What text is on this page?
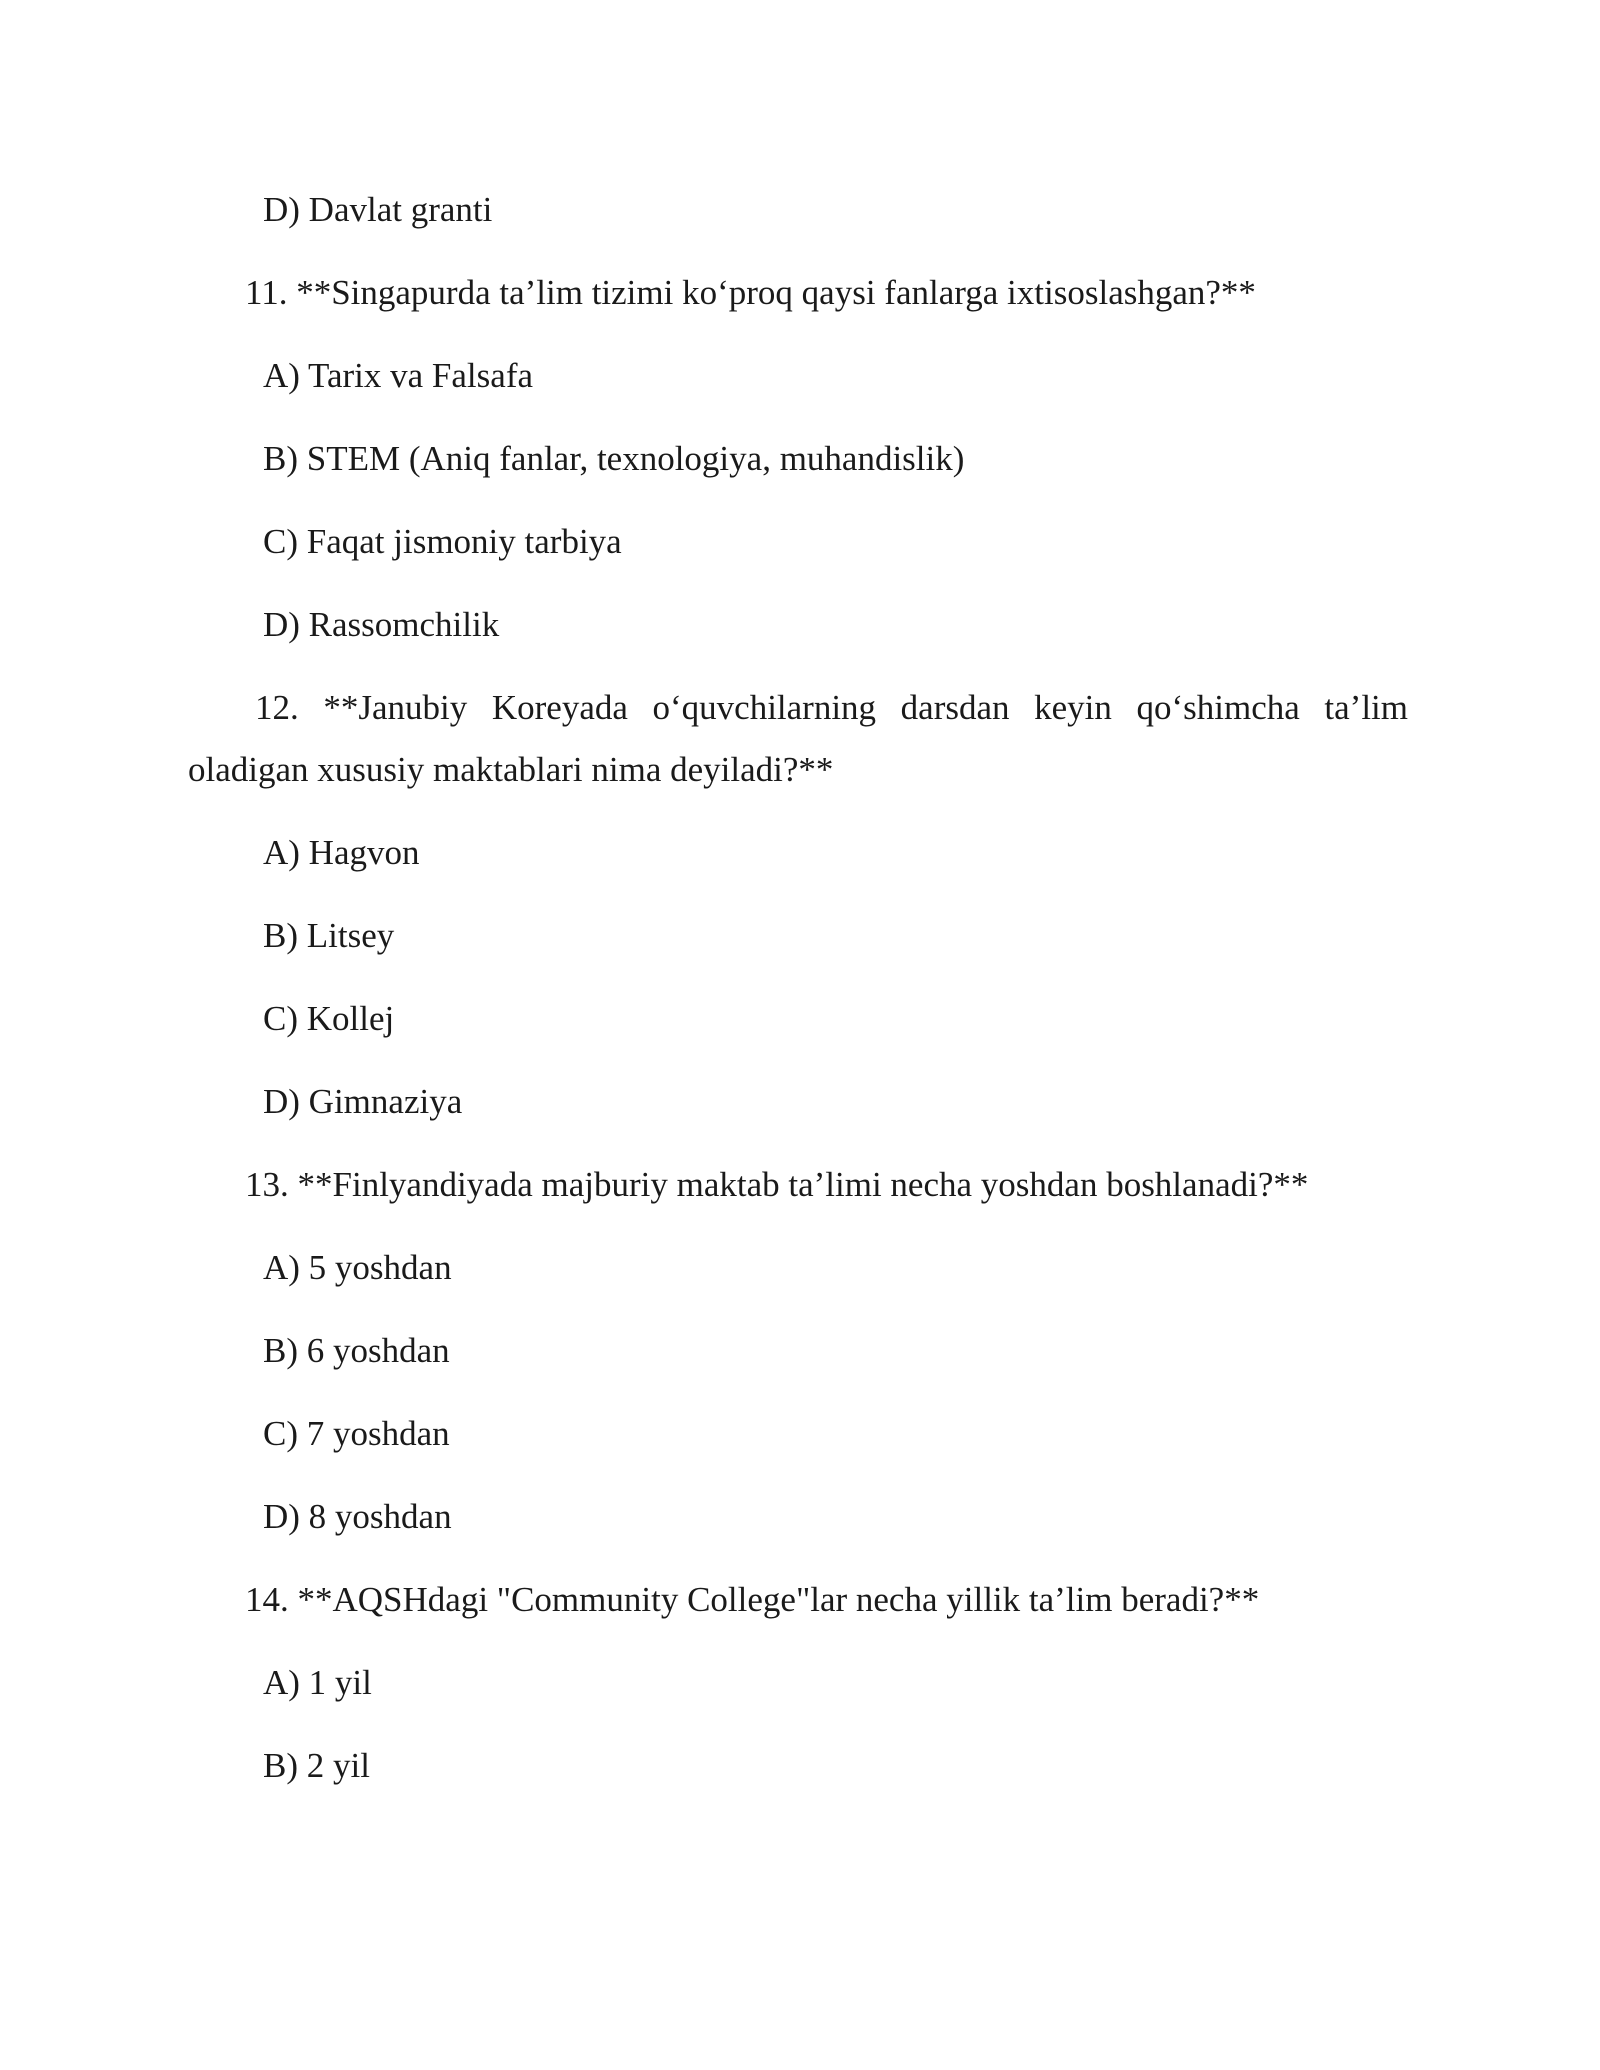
D) Davlat granti

11. **Singapurda ta’lim tizimi ko‘proq qaysi fanlarga ixtisoslashgan?**

A) Tarix va Falsafa

B) STEM (Aniq fanlar, texnologiya, muhandislik)

C) Faqat jismoniy tarbiya

D) Rassomchilik

12. **Janubiy Koreyada o‘quvchilarning darsdan keyin qo‘shimcha ta’lim

oladigan xususiy maktablari nima deyiladi?**

A) Hagvon

B) Litsey

C) Kollej

D) Gimnaziya

13. **Finlyandiyada majburiy maktab ta’limi necha yoshdan boshlanadi?**

A) 5 yoshdan

B) 6 yoshdan

C) 7 yoshdan

D) 8 yoshdan

14. **AQSHdagi "Community College"lar necha yillik ta’lim beradi?**

A) 1 yil

B) 2 yil
